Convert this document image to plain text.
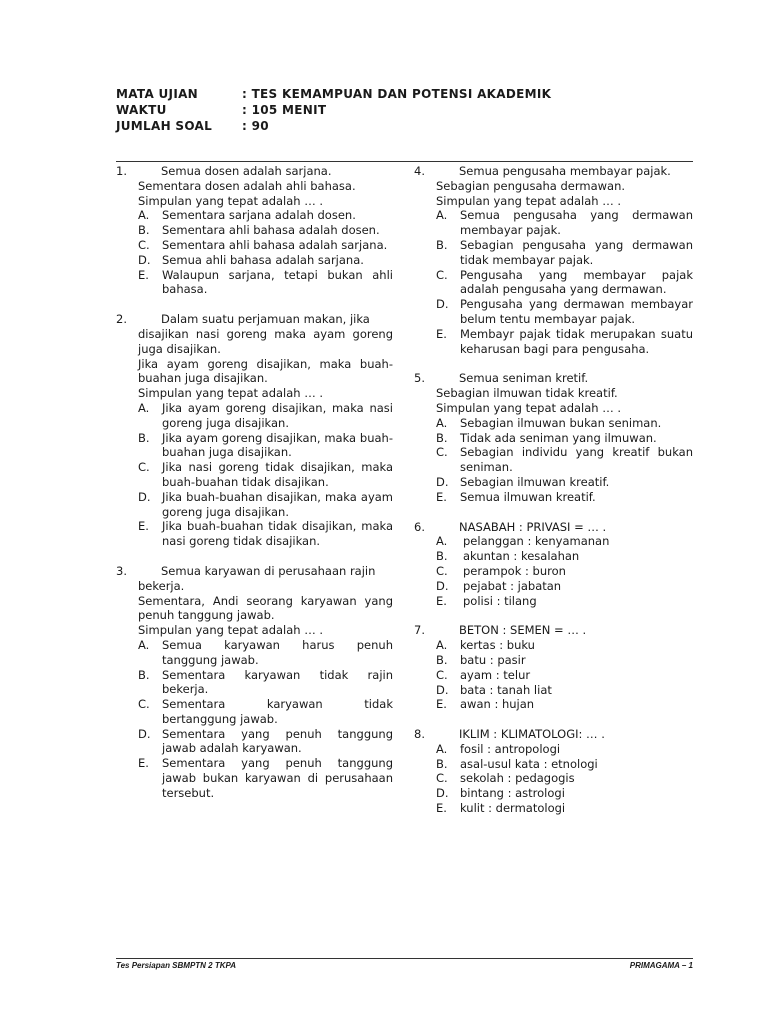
MATA UJIAN	: TES KEMAMPUAN DAN POTENSI AKADEMIK
WAKTU	: 105 MENIT
JUMLAH SOAL	: 90
1.	Semua dosen adalah sarjana.
Sementara dosen adalah ahli bahasa.
Simpulan yang tepat adalah … .
A.	Sementara sarjana adalah dosen.
B.	Sementara ahli bahasa adalah dosen.
C.	Sementara ahli bahasa adalah sarjana.
D. Semua ahli bahasa adalah sarjana.
E.	Walaupun sarjana, tetapi bukan ahli bahasa.
2.	Dalam suatu perjamuan makan, jika
disajikan nasi goreng maka ayam goreng juga disajikan.
Jika ayam goreng disajikan, maka buah-buahan juga disajikan.
Simpulan yang tepat adalah … .
A.	Jika ayam goreng disajikan, maka nasi goreng juga disajikan.
B.	Jika ayam goreng disajikan, maka buah-buahan juga disajikan.
C.	Jika nasi goreng tidak disajikan, maka buah-buahan tidak disajikan.
D. Jika buah-buahan disajikan, maka ayam goreng juga disajikan.
E.	Jika buah-buahan tidak disajikan, maka nasi goreng tidak disajikan.
3.	Semua karyawan di perusahaan rajin
bekerja.
Sementara, Andi seorang karyawan yang penuh tanggung jawab.
Simpulan yang tepat adalah … .
A.	Semua karyawan harus penuh tanggung jawab.
B.	Sementara karyawan tidak rajin bekerja.
C.	Sementara karyawan tidak bertanggung jawab.
D. Sementara yang penuh tanggung jawab adalah karyawan.
E.	Sementara yang penuh tanggung jawab bukan karyawan di perusahaan tersebut.
4.	Semua pengusaha membayar pajak.
Sebagian pengusaha dermawan.
Simpulan yang tepat adalah … .
A.	Semua pengusaha yang dermawan membayar pajak.
B.	Sebagian pengusaha yang dermawan tidak membayar pajak.
C.	Pengusaha yang membayar pajak adalah pengusaha yang dermawan.
D. Pengusaha yang dermawan membayar belum tentu membayar pajak.
E.	Membayr pajak tidak merupakan suatu keharusan bagi para pengusaha.
5.	Semua seniman kretif.
Sebagian ilmuwan tidak kreatif.
Simpulan yang tepat adalah … .
A.	Sebagian ilmuwan bukan seniman.
B.	Tidak ada seniman yang ilmuwan.
C.	Sebagian individu yang kreatif bukan seniman.
D. Sebagian ilmuwan kreatif.
E.	Semua ilmuwan kreatif.
6.	NASABAH : PRIVASI = … .
A.	pelanggan : kenyamanan
B.	akuntan : kesalahan
C.	perampok : buron
D.	pejabat : jabatan
E.	polisi : tilang
7.	BETON : SEMEN = … .
A.	kertas : buku
B.	batu : pasir
C.	ayam : telur
D. bata : tanah liat
E.	awan : hujan
8.	IKLIM : KLIMATOLOGI: … .
A.	fosil : antropologi
B.	asal-usul kata : etnologi
C.	sekolah : pedagogis
D. bintang : astrologi
E.	kulit : dermatologi
Tes Persiapan SBMPTN 2 TKPA	PRIMAGAMA – 1
